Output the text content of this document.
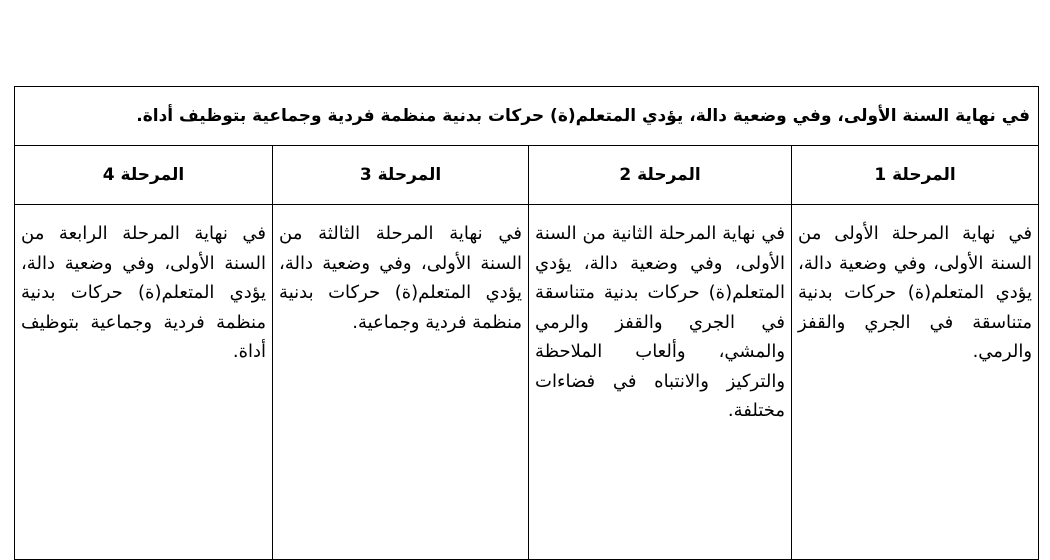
في نهاية السنة الأولى، وفي وضعية دالة، يؤدي المتعلم(ة) حركات بدنية منظمة فردية وجماعية بتوظيف أداة.			
المرحلة 1	المرحلة 2	المرحلة 3	المرحلة 4

في نهاية المرحلة الأولى من السنة الأولى، وفي وضعية دالة، يؤدي المتعلم(ة) حركات بدنية متناسقة في الجري والقفز والرمي.	في نهاية المرحلة الثانية من السنة الأولى، وفي وضعية دالة، يؤدي المتعلم(ة) حركات بدنية متناسقة في الجري والقفز والرمي والمشي، وألعاب الملاحظة والتركيز والانتباه في فضاءات مختلفة.	في نهاية المرحلة الثالثة من السنة الأولى، وفي وضعية دالة، يؤدي المتعلم(ة) حركات بدنية منظمة فردية وجماعية.	في نهاية المرحلة الرابعة من السنة الأولى، وفي وضعية دالة، يؤدي المتعلم(ة) حركات بدنية منظمة فردية وجماعية بتوظيف أداة.
